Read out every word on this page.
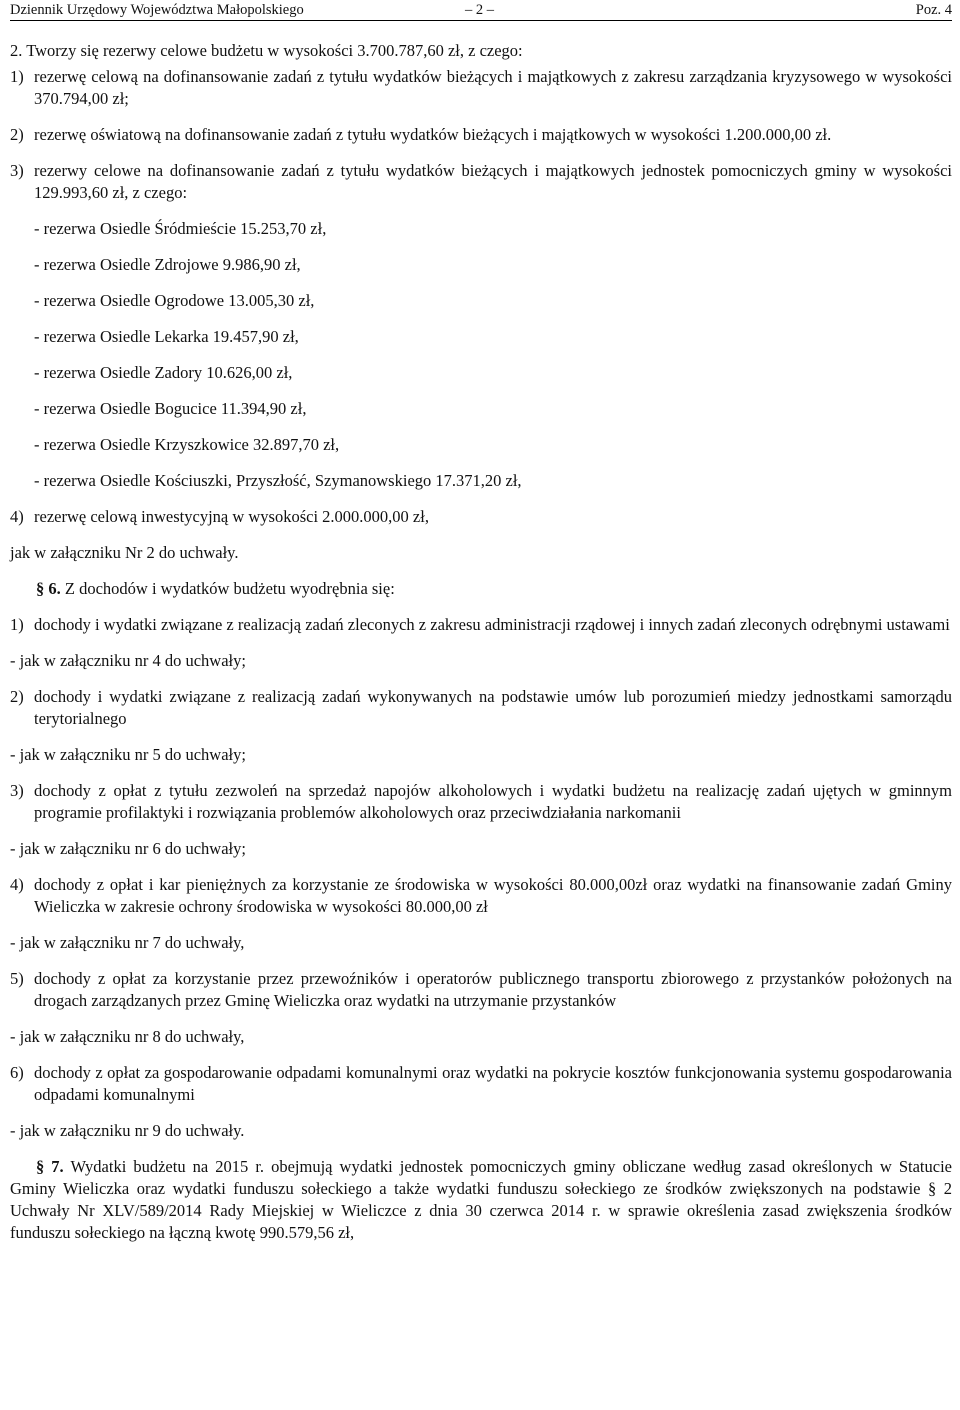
Dziennik Urzędowy Województwa Małopolskiego	– 2 –	Poz. 4

2. Tworzy się rezerwy celowe budżetu w wysokości 3.700.787,60 zł, z czego:

1) rezerwę celową na dofinansowanie zadań z tytułu wydatków bieżących i majątkowych z zakresu zarządzania kryzysowego w wysokości 370.794,00 zł;

2) rezerwę oświatową na dofinansowanie zadań z tytułu wydatków bieżących i majątkowych w wysokości 1.200.000,00 zł.

3) rezerwy celowe na dofinansowanie zadań z tytułu wydatków bieżących i majątkowych jednostek pomocniczych gminy w wysokości 129.993,60 zł, z czego:

- rezerwa Osiedle Śródmieście 15.253,70 zł,

- rezerwa Osiedle Zdrojowe 9.986,90 zł,

- rezerwa Osiedle Ogrodowe 13.005,30 zł,

- rezerwa Osiedle Lekarka 19.457,90 zł,

- rezerwa Osiedle Zadory 10.626,00 zł,

- rezerwa Osiedle Bogucice 11.394,90 zł,

- rezerwa Osiedle Krzyszkowice 32.897,70 zł,

- rezerwa Osiedle Kościuszki, Przyszłość, Szymanowskiego 17.371,20 zł,

4) rezerwę celową inwestycyjną w wysokości 2.000.000,00 zł,

jak w załączniku Nr 2 do uchwały.

§ 6. Z dochodów i wydatków budżetu wyodrębnia się:

1) dochody i wydatki związane z realizacją zadań zleconych z zakresu administracji rządowej i innych zadań zleconych odrębnymi ustawami

- jak w załączniku nr 4 do uchwały;

2) dochody i wydatki związane z realizacją zadań wykonywanych na podstawie umów lub porozumień miedzy jednostkami samorządu terytorialnego

- jak w załączniku nr 5 do uchwały;

3) dochody z opłat z tytułu zezwoleń na sprzedaż napojów alkoholowych i wydatki budżetu na realizację zadań ujętych w gminnym programie profilaktyki i rozwiązania problemów alkoholowych oraz przeciwdziałania narkomanii

- jak w załączniku nr 6 do uchwały;

4) dochody z opłat i kar pieniężnych za korzystanie ze środowiska w wysokości 80.000,00zł oraz wydatki na finansowanie zadań Gminy Wieliczka w zakresie ochrony środowiska w wysokości 80.000,00 zł

- jak w załączniku nr 7 do uchwały,

5) dochody z opłat za korzystanie przez przewoźników i operatorów publicznego transportu zbiorowego z przystanków położonych na drogach zarządzanych przez Gminę Wieliczka oraz wydatki na utrzymanie przystanków

- jak w załączniku nr 8 do uchwały,

6) dochody z opłat za gospodarowanie odpadami komunalnymi oraz wydatki na pokrycie kosztów funkcjonowania systemu gospodarowania odpadami komunalnymi

- jak w załączniku nr 9 do uchwały.

§ 7. Wydatki budżetu na 2015 r. obejmują wydatki jednostek pomocniczych gminy obliczane według zasad określonych w Statucie Gminy Wieliczka oraz wydatki funduszu sołeckiego a także wydatki funduszu sołeckiego ze środków zwiększonych na podstawie § 2 Uchwały Nr XLV/589/2014 Rady Miejskiej w Wieliczce z dnia 30 czerwca 2014 r. w sprawie określenia zasad zwiększenia środków funduszu sołeckiego na łączną kwotę 990.579,56 zł,
